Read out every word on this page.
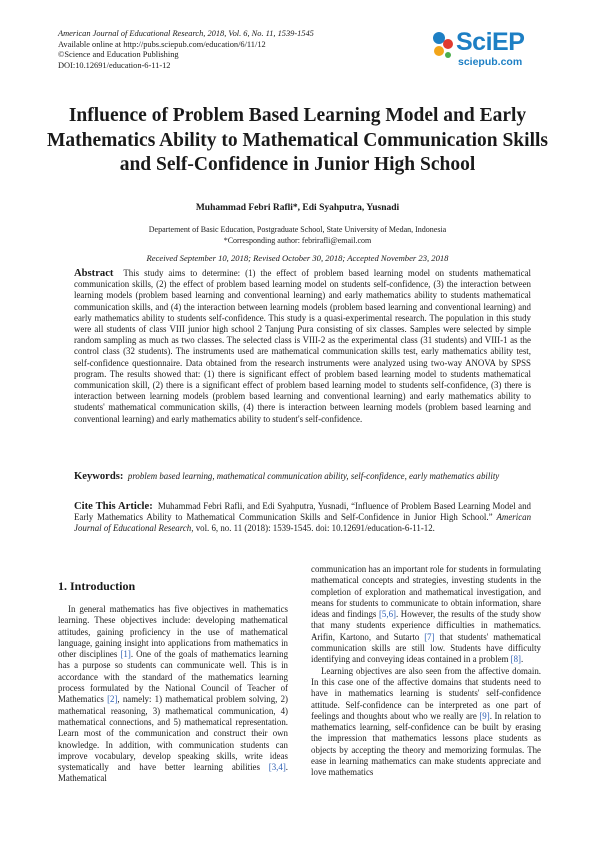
American Journal of Educational Research, 2018, Vol. 6, No. 11, 1539-1545
Available online at http://pubs.sciepub.com/education/6/11/12
©Science and Education Publishing
DOI:10.12691/education-6-11-12
SciEP
sciepub.com
Influence of Problem Based Learning Model and Early Mathematics Ability to Mathematical Communication Skills and Self-Confidence in Junior High School
Muhammad Febri Rafli*, Edi Syahputra, Yusnadi
Departement of Basic Education, Postgraduate School, State University of Medan, Indonesia
*Corresponding author: febrirafli@email.com
Received September 10, 2018; Revised October 30, 2018; Accepted November 23, 2018
Abstract This study aims to determine: (1) the effect of problem based learning model on students mathematical communication skills, (2) the effect of problem based learning model on students self-confidence, (3) the interaction between learning models (problem based learning and conventional learning) and early mathematics ability to students mathematical communication skills, and (4) the interaction between learning models (problem based learning and conventional learning) and early mathematics ability to students self-confidence. This study is a quasi-experimental research. The population in this study were all students of class VIII junior high school 2 Tanjung Pura consisting of six classes. Samples were selected by simple random sampling as much as two classes. The selected class is VIII-2 as the experimental class (31 students) and VIII-1 as the control class (32 students). The instruments used are mathematical communication skills test, early mathematics ability test, self-confidence questionnaire. Data obtained from the research instruments were analyzed using two-way ANOVA by SPSS program. The results showed that: (1) there is significant effect of problem based learning model to students mathematical communication skill, (2) there is a significant effect of problem based learning model to students self-confidence, (3) there is interaction between learning models (problem based learning and conventional learning) and early mathematics ability to students' mathematical communication skills, (4) there is interaction between learning models (problem based learning and conventional learning) and early mathematics ability to student's self-confidence.
Keywords: problem based learning, mathematical communication ability, self-confidence, early mathematics ability
Cite This Article: Muhammad Febri Rafli, and Edi Syahputra, Yusnadi, “Influence of Problem Based Learning Model and Early Mathematics Ability to Mathematical Communication Skills and Self-Confidence in Junior High School.” American Journal of Educational Research, vol. 6, no. 11 (2018): 1539-1545. doi: 10.12691/education-6-11-12.
1. Introduction

In general mathematics has five objectives in mathematics learning. These objectives include: developing mathematical attitudes, gaining proficiency in the use of mathematical language, gaining insight into applications from mathematics in other disciplines [1]. One of the goals of mathematics learning has a purpose so students can communicate well. This is in accordance with the standard of the mathematics learning process formulated by the National Council of Teacher of Mathematics [2], namely: 1) mathematical problem solving, 2) mathematical reasoning, 3) mathematical communication, 4) mathematical connections, and 5) mathematical representation. Learn most of the communication and construct their own knowledge. In addition, with communication students can improve vocabulary, develop speaking skills, write ideas systematically and have better learning abilities [3,4]. Mathematical

communication has an important role for students in formulating mathematical concepts and strategies, investing students in the completion of exploration and mathematical investigation, and means for students to communicate to obtain information, share ideas and findings [5,6]. However, the results of the study show that many students experience difficulties in mathematics. Arifin, Kartono, and Sutarto [7] that students' mathematical communication skills are still low. Students have difficulty identifying and conveying ideas contained in a problem [8].

Learning objectives are also seen from the affective domain. In this case one of the affective domains that students need to have in mathematics learning is students' self-confidence attitude. Self-confidence can be interpreted as one part of feelings and thoughts about who we really are [9]. In relation to mathematics learning, self-confidence can be built by erasing the impression that mathematics lessons place students as objects by accepting the theory and memorizing formulas. The ease in learning mathematics can make students appreciate and love mathematics
